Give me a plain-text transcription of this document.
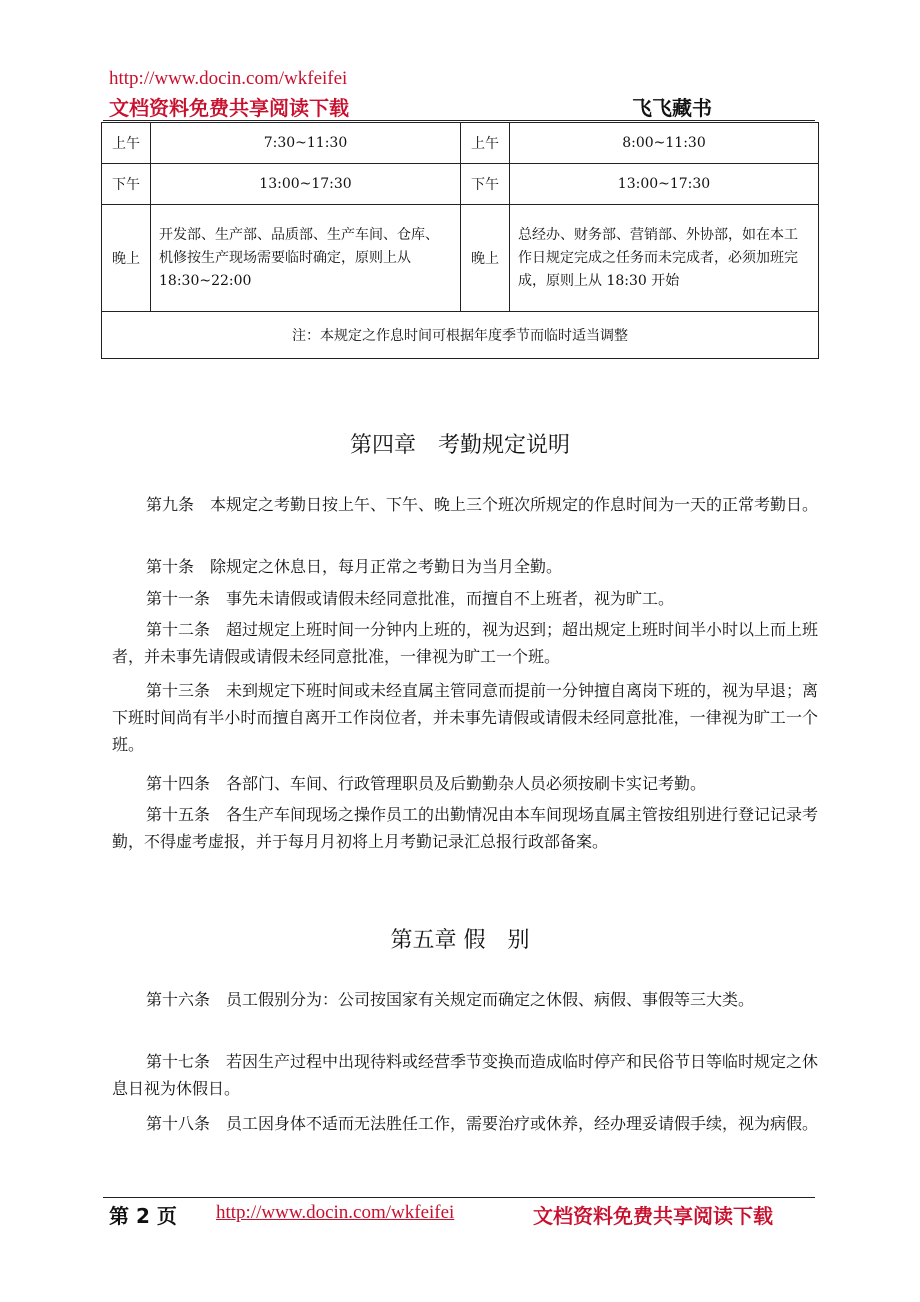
http://www.docin.com/wkfeifei
文档资料免费共享阅读下载	飞飞藏书
上午	7:30~11:30	上午	8:00~11:30
下午	13:00~17:30	下午	13:00~17:30
晚上	开发部、生产部、品质部、生产车间、仓库、机修按生产现场需要临时确定，原则上从 18:30~22:00	晚上	总经办、财务部、营销部、外协部，如在本工作日规定完成之任务而未完成者，必须加班完成，原则上从 18:30 开始
注：本规定之作息时间可根据年度季节而临时适当调整			
第四章　考勤规定说明
第九条　本规定之考勤日按上午、下午、晚上三个班次所规定的作息时间为一天的正常考勤日。
第十条　除规定之休息日，每月正常之考勤日为当月全勤。
第十一条　事先未请假或请假未经同意批准，而擅自不上班者，视为旷工。
第十二条　超过规定上班时间一分钟内上班的，视为迟到；超出规定上班时间半小时以上而上班者，并未事先请假或请假未经同意批准，一律视为旷工一个班。
第十三条　未到规定下班时间或未经直属主管同意而提前一分钟擅自离岗下班的，视为早退；离下班时间尚有半小时而擅自离开工作岗位者，并未事先请假或请假未经同意批准，一律视为旷工一个班。
第十四条　各部门、车间、行政管理职员及后勤勤杂人员必须按刷卡实记考勤。
第十五条　各生产车间现场之操作员工的出勤情况由本车间现场直属主管按组别进行登记记录考勤，不得虚考虚报，并于每月月初将上月考勤记录汇总报行政部备案。
第五章 假　别
第十六条　员工假别分为：公司按国家有关规定而确定之休假、病假、事假等三大类。
第十七条　若因生产过程中出现待料或经营季节变换而造成临时停产和民俗节日等临时规定之休息日视为休假日。
第十八条　员工因身体不适而无法胜任工作，需要治疗或休养，经办理妥请假手续，视为病假。
第 2 页 http://www.docin.com/wkfeifei	文档资料免费共享阅读下载
